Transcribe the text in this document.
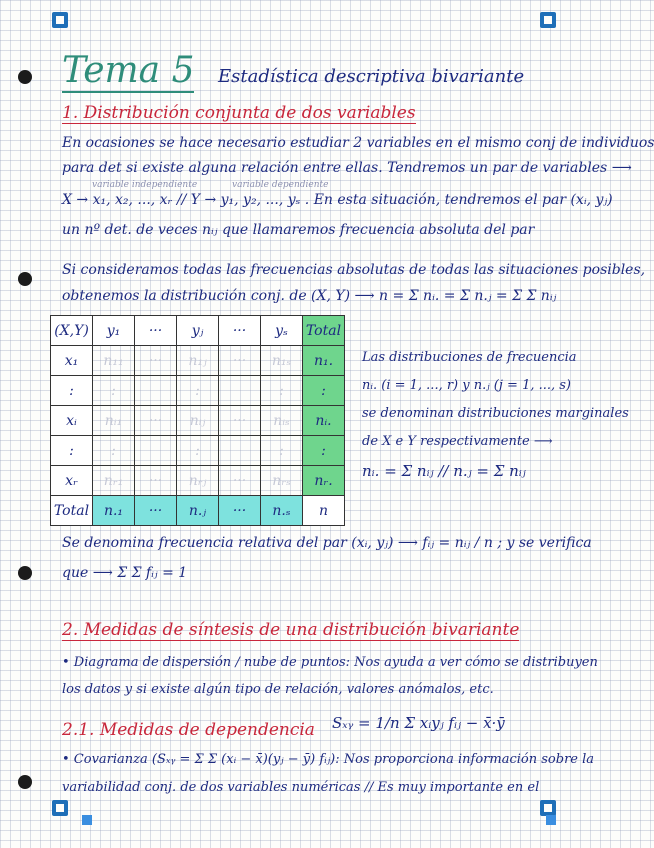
Tema 5 Estadística descriptiva bivariante
1. Distribución conjunta de dos variables
En ocasiones se hace necesario estudiar 2 variables en el mismo conj de individuos
para det si existe alguna relación entre ellas. Tendremos un par de variables ⟶
variable independiente	variable dependiente
X → x₁, x₂, ..., xᵣ // Y → y₁, y₂, ..., yₛ . En esta situación, tendremos el par (xᵢ, yⱼ)
un nº det. de veces nᵢⱼ que llamaremos frecuencia absoluta del par
Si consideramos todas las frecuencias absolutas de todas las situaciones posibles,
obtenemos la distribución conj. de (X, Y) ⟶ n = Σ nᵢ. = Σ n.ⱼ = Σ Σ nᵢⱼ
(X,Y)	y₁	···	yⱼ	···	yₛ	Total
x₁	n₁₁	···	n₁ⱼ	···	n₁ₛ	n₁.
:	:		:		:	:
xᵢ	nᵢ₁	···	nᵢⱼ	···	nᵢₛ	nᵢ.
:	:		:		:	:
xᵣ	nᵣ₁	···	nᵣⱼ	···	nᵣₛ	nᵣ.
Total	n.₁	···	n.ⱼ	···	n.ₛ	n
Las distribuciones de frecuencia
nᵢ. (i = 1, ..., r) y n.ⱼ (j = 1, ..., s)
se denominan distribuciones marginales
de X e Y respectivamente ⟶
nᵢ. = Σ nᵢⱼ // n.ⱼ = Σ nᵢⱼ
Se denomina frecuencia relativa del par (xᵢ, yⱼ) ⟶ fᵢⱼ = nᵢⱼ / n ; y se verifica
que ⟶ Σ Σ fᵢⱼ = 1
2. Medidas de síntesis de una distribución bivariante
• Diagrama de dispersión / nube de puntos: Nos ayuda a ver cómo se distribuyen
los datos y si existe algún tipo de relación, valores anómalos, etc.
2.1. Medidas de dependencia Sₓᵧ = 1/n Σ xᵢyⱼ fᵢⱼ − x̄·ȳ
• Covarianza (Sₓᵧ = Σ Σ (xᵢ − x̄)(yⱼ − ȳ) fᵢⱼ): Nos proporciona información sobre la
variabilidad conj. de dos variables numéricas // Es muy importante en el
